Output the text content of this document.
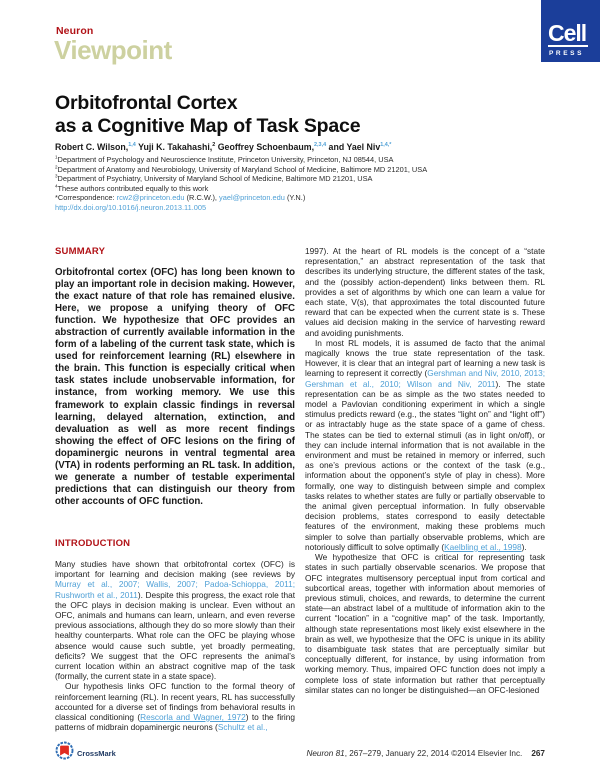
Neuron
Viewpoint
Cell
PRESS
Orbitofrontal Cortex
as a Cognitive Map of Task Space

Robert C. Wilson,$^{1,4}$ Yuji K. Takahashi,$^2$ Geoffrey Schoenbaum,$^{2,3,4}$ and Yael Niv$^{1,4,*}$

$^1$Department of Psychology and Neuroscience Institute, Princeton University, Princeton, NJ 08544, USA

$^2$Department of Anatomy and Neurobiology, University of Maryland School of Medicine, Baltimore MD 21201, USA

$^3$Department of Psychiatry, University of Maryland School of Medicine, Baltimore MD 21201, USA

$^4$These authors contributed equally to this work

*Correspondence: rcw2@princeton.edu (R.C.W.), yael@princeton.edu (Y.N.)

http://dx.doi.org/10.1016/j.neuron.2013.11.005

SUMMARY

Orbitofrontal cortex (OFC) has long been known to play an important role in decision making. However, the exact nature of that role has remained elusive. Here, we propose a unifying theory of OFC function. We hypothesize that OFC provides an abstraction of currently available information in the form of a labeling of the current task state, which is used for reinforcement learning (RL) elsewhere in the brain. This function is especially critical when task states include unobservable information, for instance, from working memory. We use this framework to explain classic findings in reversal learning, delayed alternation, extinction, and devaluation as well as more recent findings showing the effect of OFC lesions on the firing of dopaminergic neurons in ventral tegmental area (VTA) in rodents performing an RL task. In addition, we generate a number of testable experimental predictions that can distinguish our theory from other accounts of OFC function.

INTRODUCTION

Many studies have shown that orbitofrontal cortex (OFC) is important for learning and decision making (see reviews by Murray et al., 2007; Wallis, 2007; Padoa-Schioppa, 2011; Rushworth et al., 2011). Despite this progress, the exact role that the OFC plays in decision making is unclear. Even without an OFC, animals and humans can learn, unlearn, and even reverse previous associations, although they do so more slowly than their healthy counterparts. What role can the OFC be playing whose absence would cause such subtle, yet broadly permeating, deficits? We suggest that the OFC represents the animal’s current location within an abstract cognitive map of the task (formally, the current state in a state space).

Our hypothesis links OFC function to the formal theory of reinforcement learning (RL). In recent years, RL has successfully accounted for a diverse set of findings from behavioral results in classical conditioning (Rescorla and Wagner, 1972) to the firing patterns of midbrain dopaminergic neurons (Schultz et al.,

1997). At the heart of RL models is the concept of a “state representation,” an abstract representation of the task that describes its underlying structure, the different states of the task, and the (possibly action-dependent) links between them. RL provides a set of algorithms by which one can learn a value for each state, V(s), that approximates the total discounted future reward that can be expected when the current state is s. These values aid decision making in the service of harvesting reward and avoiding punishments.

In most RL models, it is assumed de facto that the animal magically knows the true state representation of the task. However, it is clear that an integral part of learning a new task is learning to represent it correctly (Gershman and Niv, 2010, 2013; Gershman et al., 2010; Wilson and Niv, 2011). The state representation can be as simple as the two states needed to model a Pavlovian conditioning experiment in which a single stimulus predicts reward (e.g., the states “light on” and “light off”) or as intractably huge as the state space of a game of chess. The states can be tied to external stimuli (as in light on/off), or they can include internal information that is not available in the environment and must be retained in memory or inferred, such as one’s previous actions or the context of the task (e.g., information about the opponent’s style of play in chess). More formally, one way to distinguish between simple and complex tasks relates to whether states are fully or partially observable to the animal given perceptual information. In fully observable decision problems, states correspond to easily detectable features of the environment, making these problems much simpler to solve than partially observable problems, which are notoriously difficult to solve optimally (Kaelbling et al., 1998).

We hypothesize that OFC is critical for representing task states in such partially observable scenarios. We propose that OFC integrates multisensory perceptual input from cortical and subcortical areas, together with information about memories of previous stimuli, choices, and rewards, to determine the current state—an abstract label of a multitude of information akin to the current “location” in a “cognitive map” of the task. Importantly, although state representations most likely exist elsewhere in the brain as well, we hypothesize that the OFC is unique in its ability to disambiguate task states that are perceptually similar but conceptually different, for instance, by using information from working memory. Thus, impaired OFC function does not imply a complete loss of state information but rather that perceptually similar states can no longer be distinguished—an OFC-lesioned

CrossMark	Neuron 81, 267–279, January 22, 2014 ©2014 Elsevier Inc. 267
